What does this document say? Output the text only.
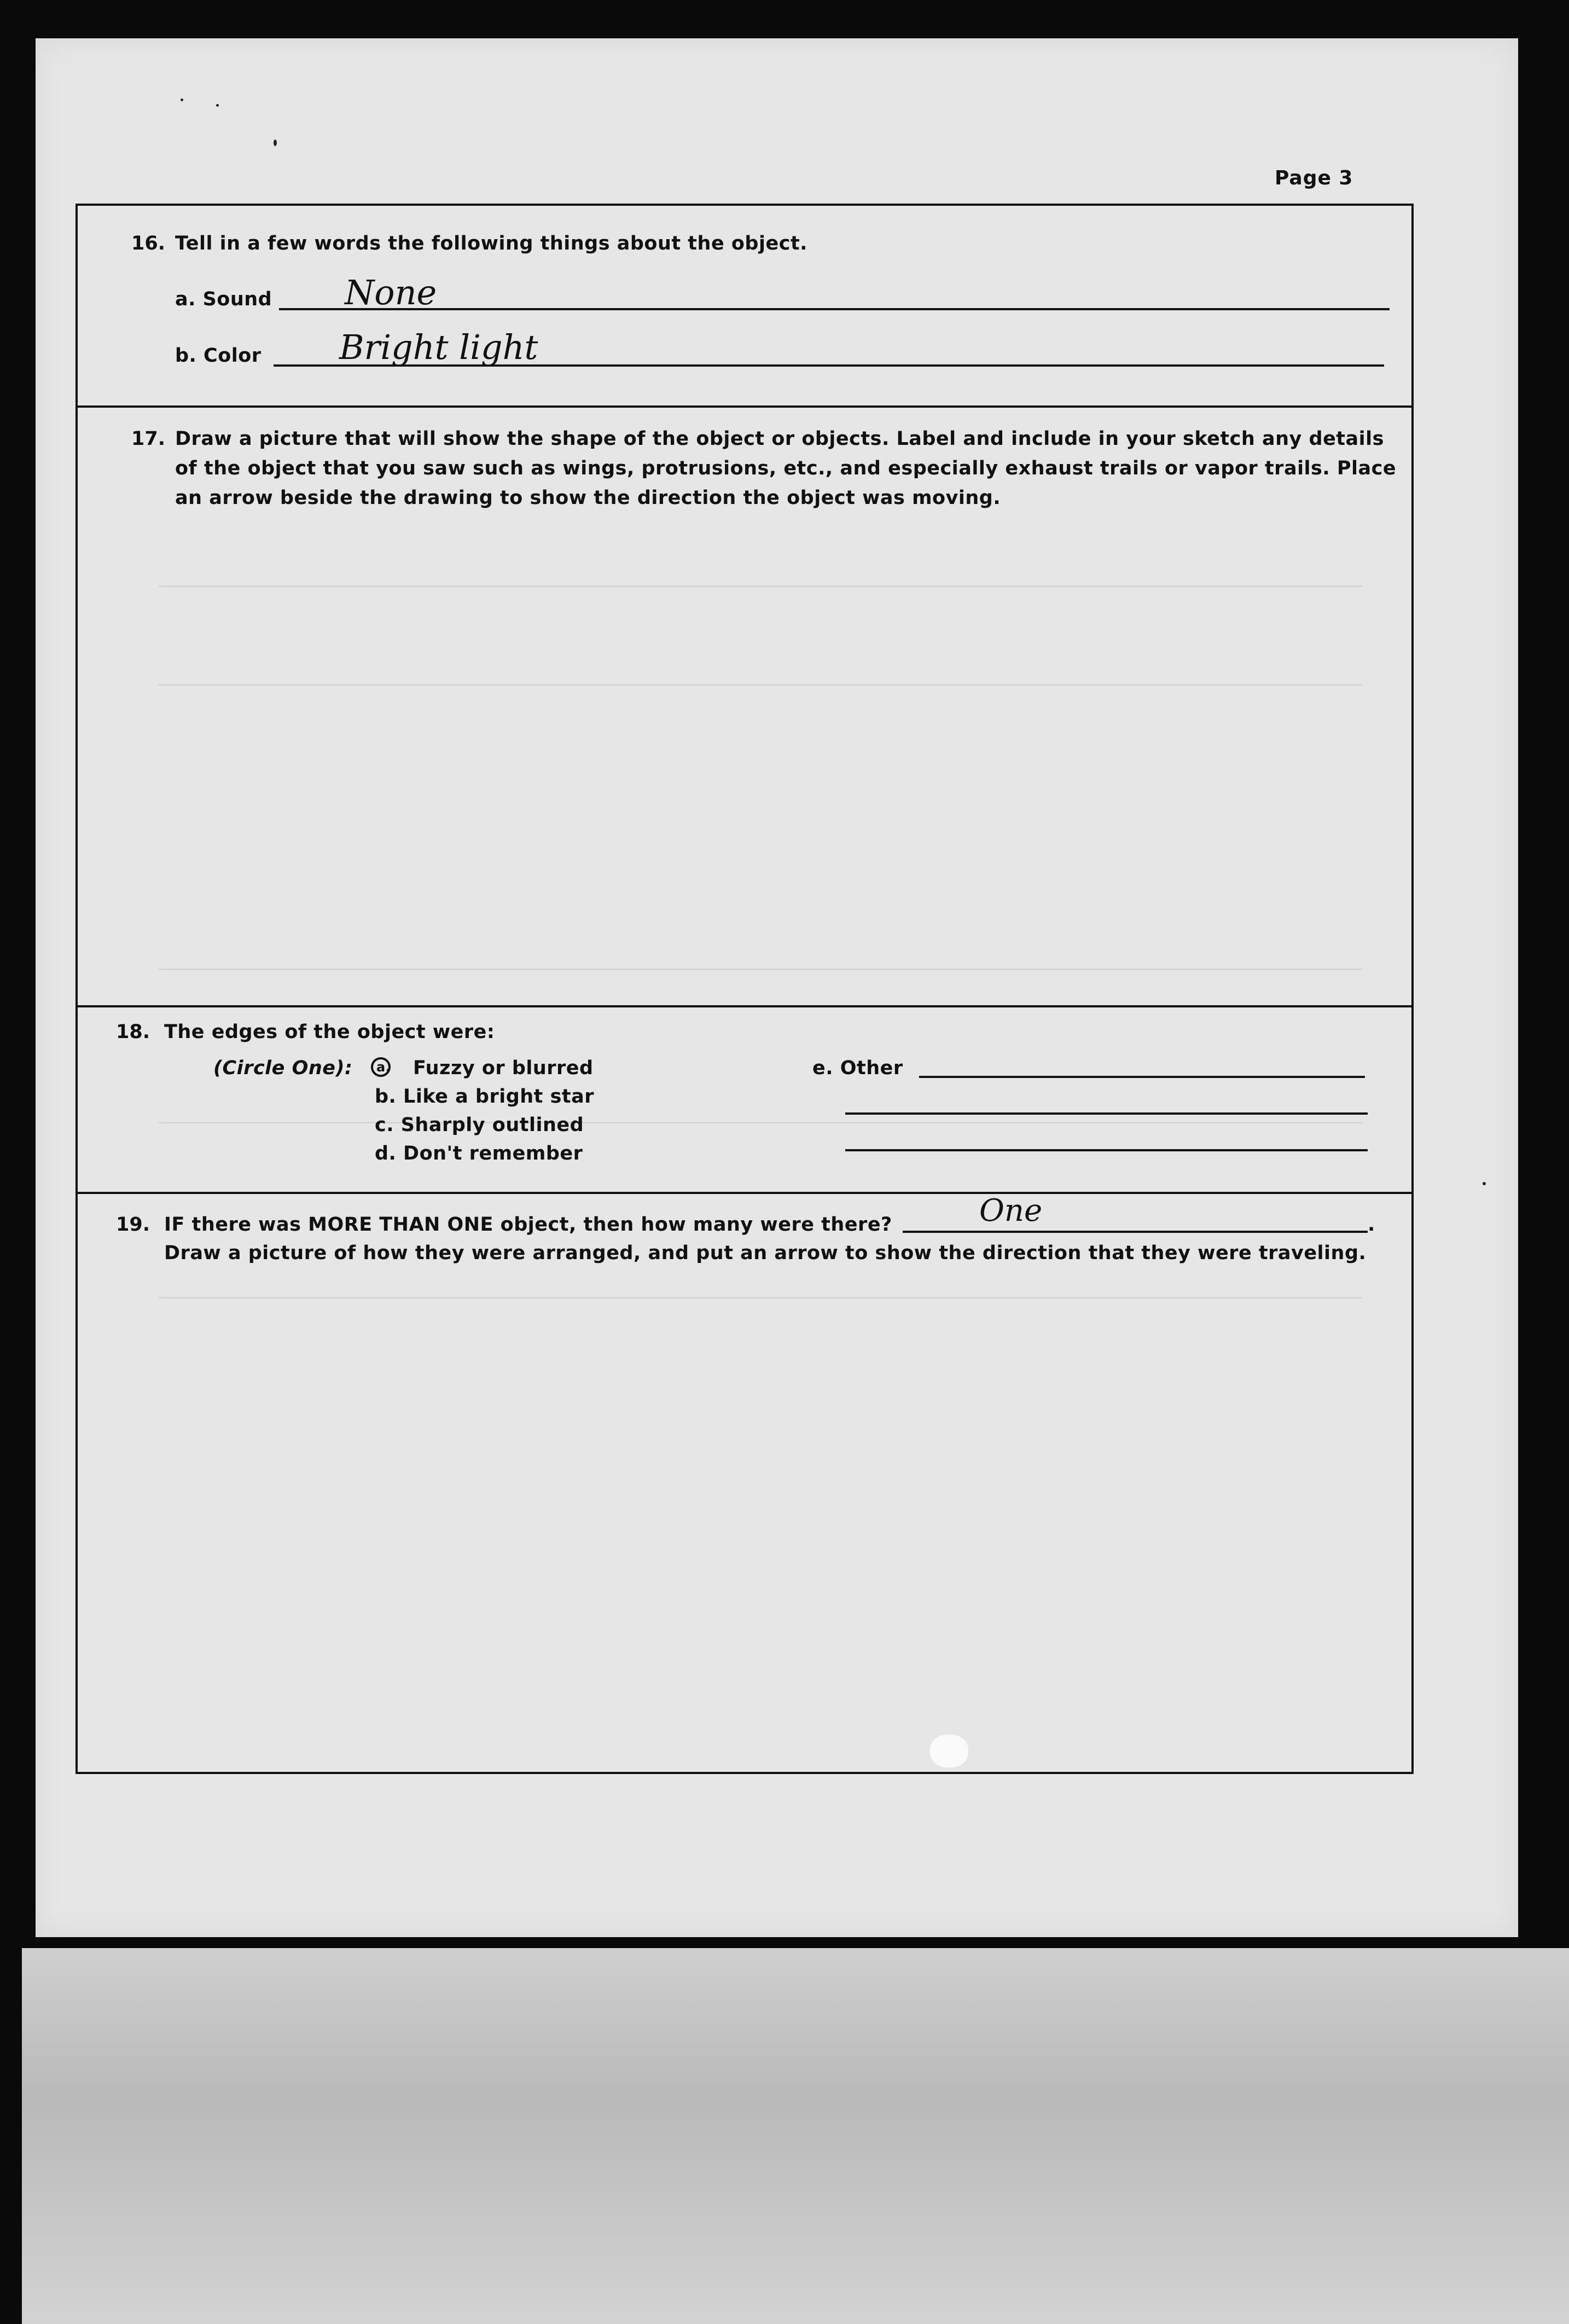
Page 3
16. Tell in a few words the following things about the object.
a. Sound None
b. Color Bright light
17. Draw a picture that will show the shape of the object or objects. Label and include in your sketch any details
of the object that you saw such as wings, protrusions, etc., and especially exhaust trails or vapor trails. Place
an arrow beside the drawing to show the direction the object was moving.
18. The edges of the object were:
(Circle One): a. Fuzzy or blurred
b. Like a bright star
c. Sharply outlined
d. Don't remember
e. Other
19. IF there was MORE THAN ONE object, then how many were there?	One	.
Draw a picture of how they were arranged, and put an arrow to show the direction that they were traveling.
